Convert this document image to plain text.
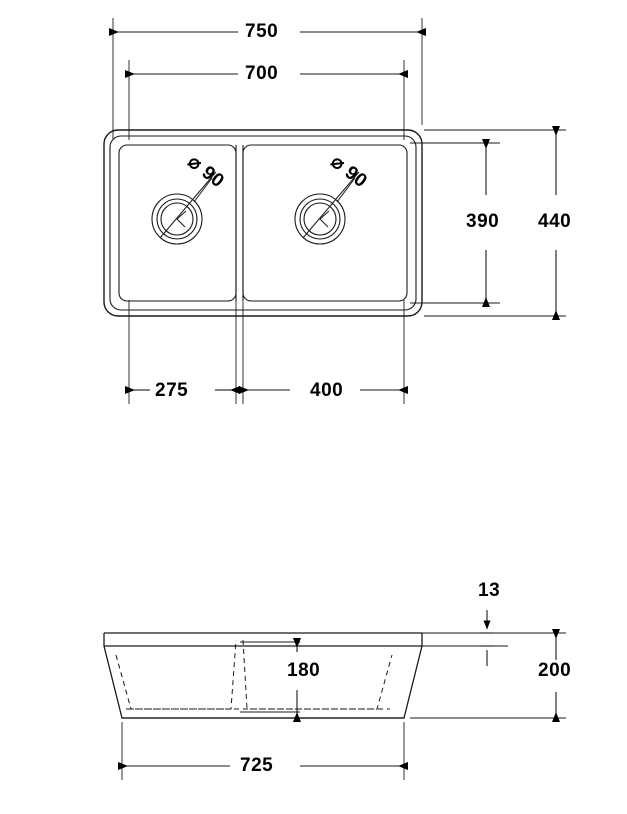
750
700
275	400
390 440
⌀ 90	⌀ 90
13
180	200
725
